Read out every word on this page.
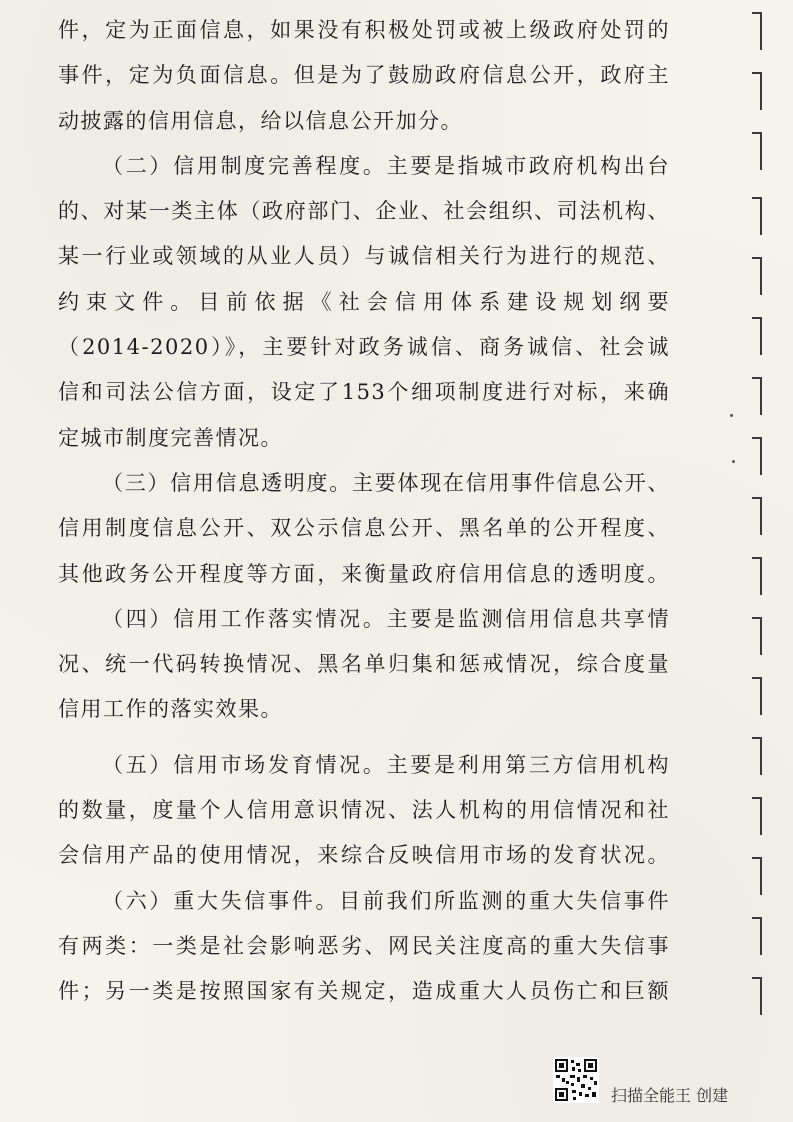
件，定为正面信息，如果没有积极处罚或被上级政府处罚的
事件，定为负面信息。但是为了鼓励政府信息公开，政府主
动披露的信用信息，给以信息公开加分。
（二）信用制度完善程度。主要是指城市政府机构出台
的、对某一类主体（政府部门、企业、社会组织、司法机构、
某一行业或领域的从业人员）与诚信相关行为进行的规范、
约束文件。目前依据《社会信用体系建设规划纲要
（2014-2020）》，主要针对政务诚信、商务诚信、社会诚
信和司法公信方面，设定了153个细项制度进行对标，来确
定城市制度完善情况。
（三）信用信息透明度。主要体现在信用事件信息公开、
信用制度信息公开、双公示信息公开、黑名单的公开程度、
其他政务公开程度等方面，来衡量政府信用信息的透明度。
（四）信用工作落实情况。主要是监测信用信息共享情
况、统一代码转换情况、黑名单归集和惩戒情况，综合度量
信用工作的落实效果。
（五）信用市场发育情况。主要是利用第三方信用机构
的数量，度量个人信用意识情况、法人机构的用信情况和社
会信用产品的使用情况，来综合反映信用市场的发育状况。
（六）重大失信事件。目前我们所监测的重大失信事件
有两类：一类是社会影响恶劣、网民关注度高的重大失信事
件；另一类是按照国家有关规定，造成重大人员伤亡和巨额
扫描全能王 创建
